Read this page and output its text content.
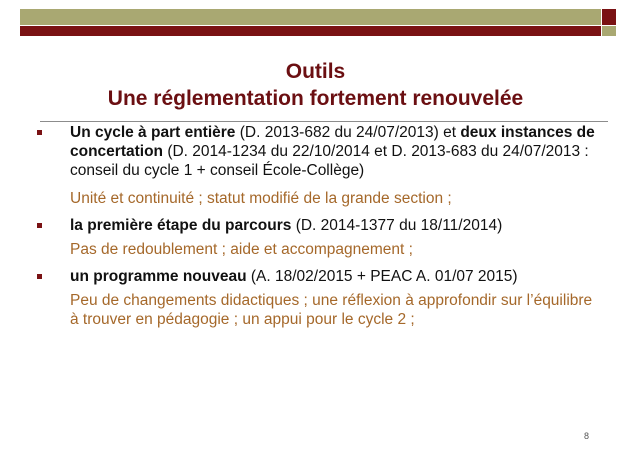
Outils
Une réglementation fortement renouvelée
Un cycle à part entière (D. 2013-682 du 24/07/2013) et deux instances de concertation (D. 2014-1234 du 22/10/2014 et D. 2013-683 du 24/07/2013 : conseil du cycle 1 + conseil École-Collège)
Unité et continuité ; statut modifié de la grande section ;
la première étape du parcours (D. 2014-1377 du 18/11/2014)
Pas de redoublement ; aide et accompagnement ;
un programme nouveau (A. 18/02/2015 + PEAC A. 01/07 2015)
Peu de changements didactiques ; une réflexion à approfondir sur l’équilibre à trouver en pédagogie ; un appui pour le cycle 2 ;
8
